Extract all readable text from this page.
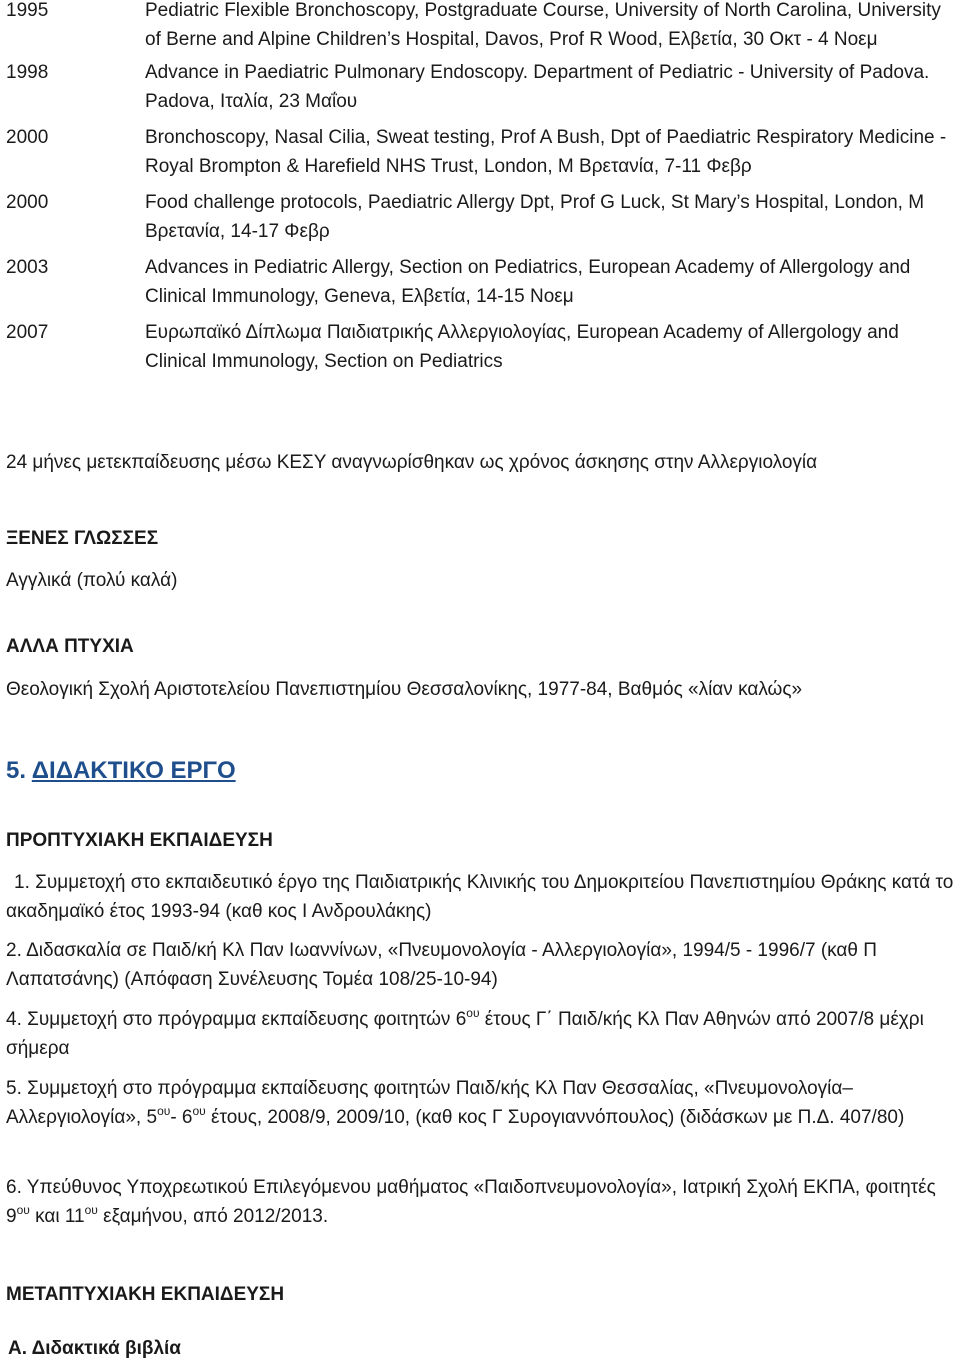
1995	Pediatric Flexible Bronchoscopy, Postgraduate Course, University of North Carolina, University of Berne and Alpine Children’s Hospital, Davos, Prof R Wood, Ελβετία, 30 Οκτ - 4 Νοεμ
1998	Advance in Paediatric Pulmonary Endoscopy. Department of Pediatric - University of Padova. Padova, Ιταλία, 23 Μαΐου
2000	Bronchoscopy, Nasal Cilia, Sweat testing, Prof A Bush, Dpt of Paediatric Respiratory Medicine - Royal Brompton & Harefield NHS Trust, London, Μ Βρετανία, 7-11 Φεβρ
2000	Food challenge protocols, Paediatric Allergy Dpt, Prof G Luck, St Mary’s Hospital, London, Μ Βρετανία, 14-17 Φεβρ
2003	Advances in Pediatric Allergy, Section on Pediatrics, European Academy of Allergology and Clinical Immunology, Geneva, Ελβετία, 14-15 Νοεμ
2007	Ευρωπαϊκό Δίπλωμα Παιδιατρικής Αλλεργιολογίας, European Academy of Allergology and Clinical Immunology, Section on Pediatrics
24 μήνες μετεκπαίδευσης μέσω ΚΕΣΥ αναγνωρίσθηκαν ως χρόνος άσκησης στην Αλλεργιολογία
ΞΕΝΕΣ ΓΛΩΣΣΕΣ
Αγγλικά (πολύ καλά)
ΑΛΛΑ ΠΤΥΧΙΑ
Θεολογική Σχολή Αριστοτελείου Πανεπιστημίου Θεσσαλονίκης, 1977-84, Βαθμός «λίαν καλώς»
5. ΔΙΔΑΚΤΙΚΟ ΕΡΓΟ
ΠΡΟΠΤΥΧΙΑΚΗ ΕΚΠΑΙΔΕΥΣΗ
1. Συμμετοχή στο εκπαιδευτικό έργο της Παιδιατρικής Κλινικής του Δημοκριτείου Πανεπιστημίου Θράκης κατά το ακαδημαϊκό έτος 1993-94 (καθ κος Ι Ανδρουλάκης)
2. Διδασκαλία σε Παιδ/κή Κλ Παν Ιωαννίνων, «Πνευμονολογία - Αλλεργιολογία», 1994/5 - 1996/7 (καθ Π Λαπατσάνης) (Απόφαση Συνέλευσης Τομέα 108/25-10-94)
4. Συμμετοχή στο πρόγραμμα εκπαίδευσης φοιτητών $6^{o\upsilon}$ έτους Γ΄ Παιδ/κής Κλ Παν Αθηνών από 2007/8 μέχρι σήμερα
5. Συμμετοχή στο πρόγραμμα εκπαίδευσης φοιτητών Παιδ/κής Κλ Παν Θεσσαλίας, «Πνευμονολογία– Αλλεργιολογία», $5^{o\upsilon}-$ $6^{o\upsilon}$ έτους, 2008/9, 2009/10, (καθ κος Γ Συρογιαννόπουλος) (διδάσκων με Π.Δ. 407/80)
6. Υπεύθυνος Υποχρεωτικού Επιλεγόμενου μαθήματος «Παιδοπνευμονολογία», Ιατρική Σχολή ΕΚΠΑ, φοιτητές $9^{o\upsilon}$ και $11^{o\upsilon}$ εξαμήνου, από 2012/2013.
ΜΕΤΑΠΤΥΧΙΑΚΗ ΕΚΠΑΙΔΕΥΣΗ
Α. Διδακτικά βιβλία
